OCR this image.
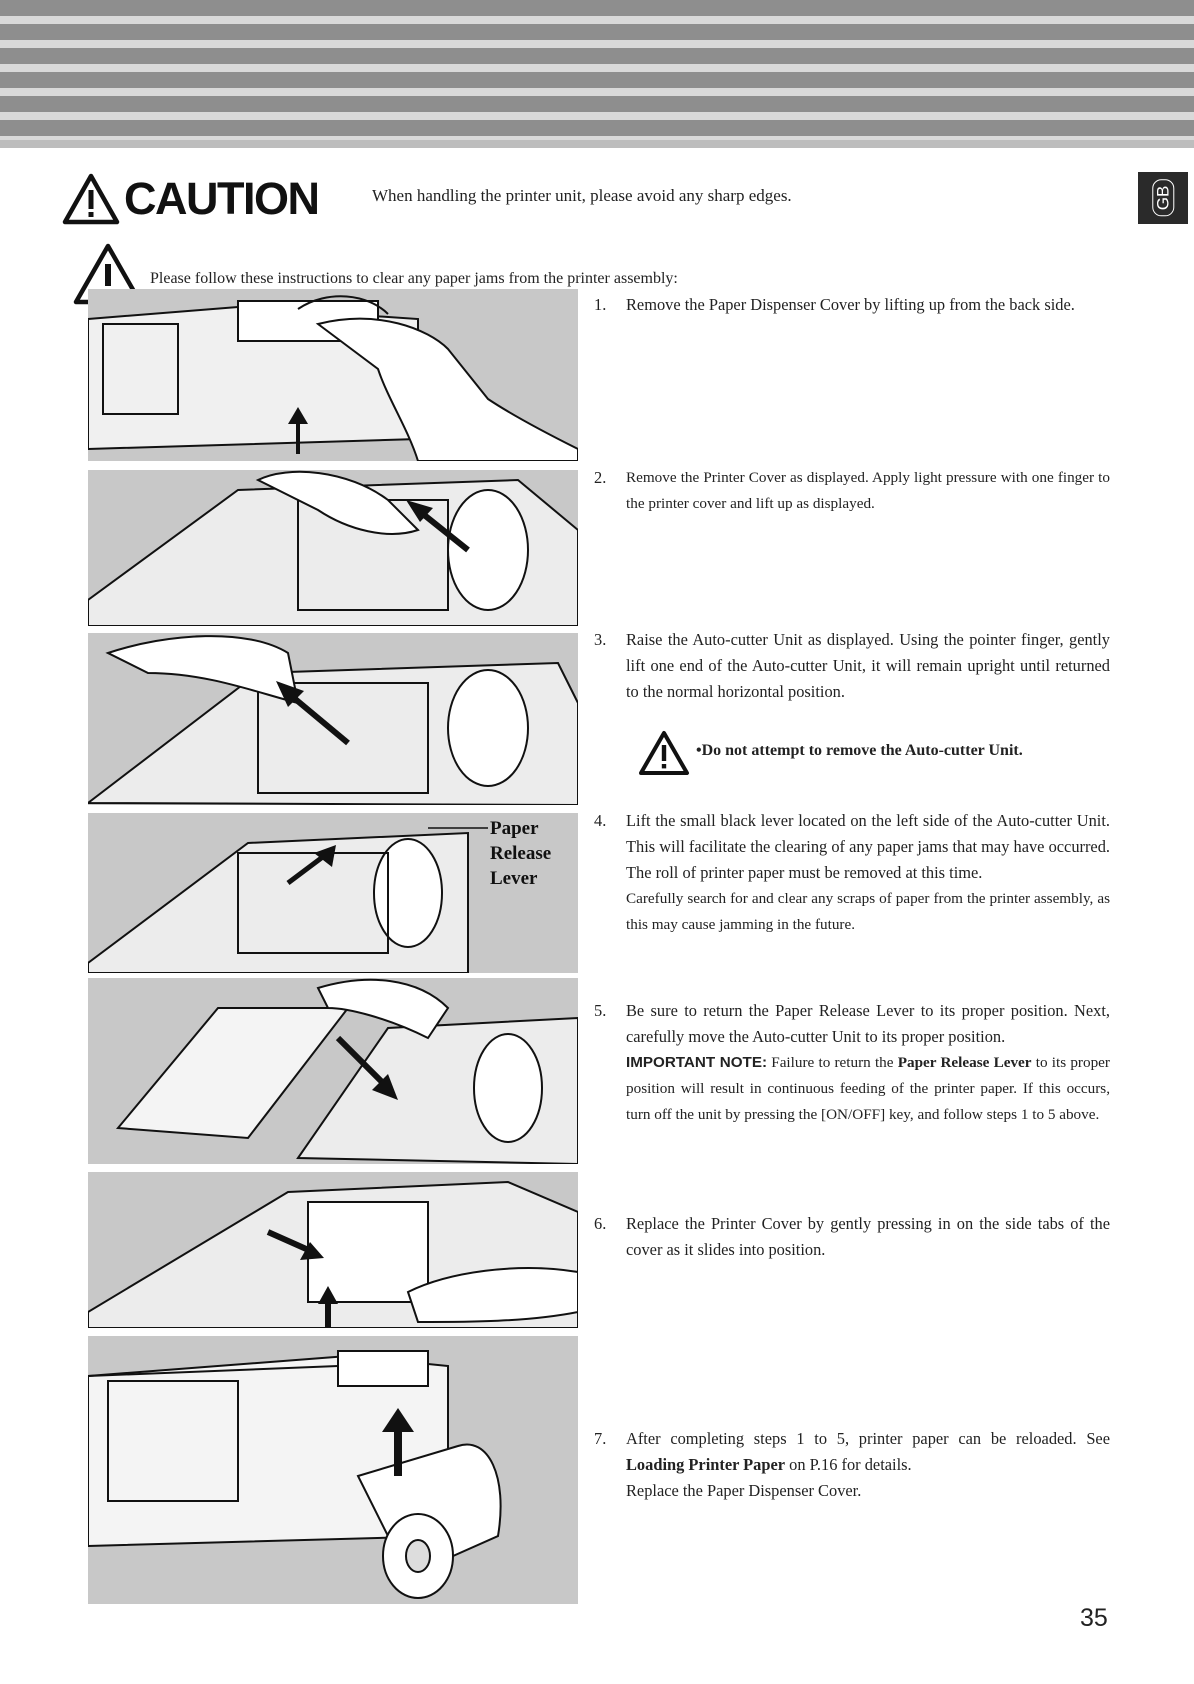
GB
CAUTION	When handling the printer unit, please avoid any sharp edges.
Please follow these instructions to clear any paper jams from the printer assembly:
Paper
Release
Lever
1. Remove the Paper Dispenser Cover by lifting up from the back side.

2. Remove the Printer Cover as displayed. Apply light pressure with one finger to the printer cover and lift up as displayed.

3. Raise the Auto-cutter Unit as displayed. Using the pointer finger, gently lift one end of the Auto-cutter Unit, it will remain upright until returned to the normal horizontal position.

•Do not attempt to remove the Auto-cutter Unit.
4. Lift the small black lever located on the left side of the Auto-cutter Unit. This will facilitate the clearing of any paper jams that may have occurred. The roll of printer paper must be removed at this time.

Carefully search for and clear any scraps of paper from the printer assembly, as this may cause jamming in the future.

5. Be sure to return the Paper Release Lever to its proper position. Next, carefully move the Auto-cutter Unit to its proper position.

IMPORTANT NOTE: Failure to return the Paper Release Lever to its proper position will result in continuous feeding of the printer paper. If this occurs, turn off the unit by pressing the [ON/OFF] key, and follow steps 1 to 5 above.

6. Replace the Printer Cover by gently pressing in on the side tabs of the cover as it slides into position.

7. After completing steps 1 to 5, printer paper can be reloaded. See Loading Printer Paper on P.16 for details.

Replace the Paper Dispenser Cover.

35
